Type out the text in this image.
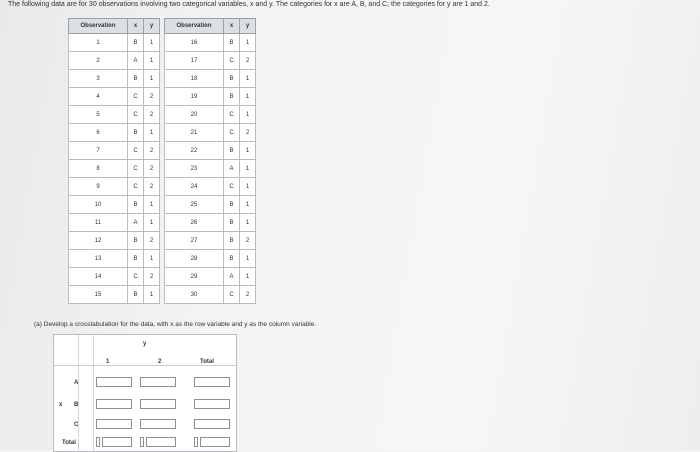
The following data are for 30 observations involving two categorical variables, x and y. The categories for x are A, B, and C; the categories for y are 1 and 2.
Observation	x	y
1	B	1
2	A	1
3	B	1
4	C	2
5	C	2
6	B	1
7	C	2
8	C	2
9	C	2
10	B	1
11	A	1
12	B	2
13	B	1
14	C	2
15	B	1
Observation	x	y
16	B	1
17	C	2
18	B	1
19	B	1
20	C	1
21	C	2
22	B	1
23	A	1
24	C	1
25	B	1
26	B	1
27	B	2
28	B	1
29	A	1
30	C	2
(a) Develop a crosstabulation for the data, with x as the row variable and y as the column variable.
y
1	2	Total
x
A
B
C
Total
